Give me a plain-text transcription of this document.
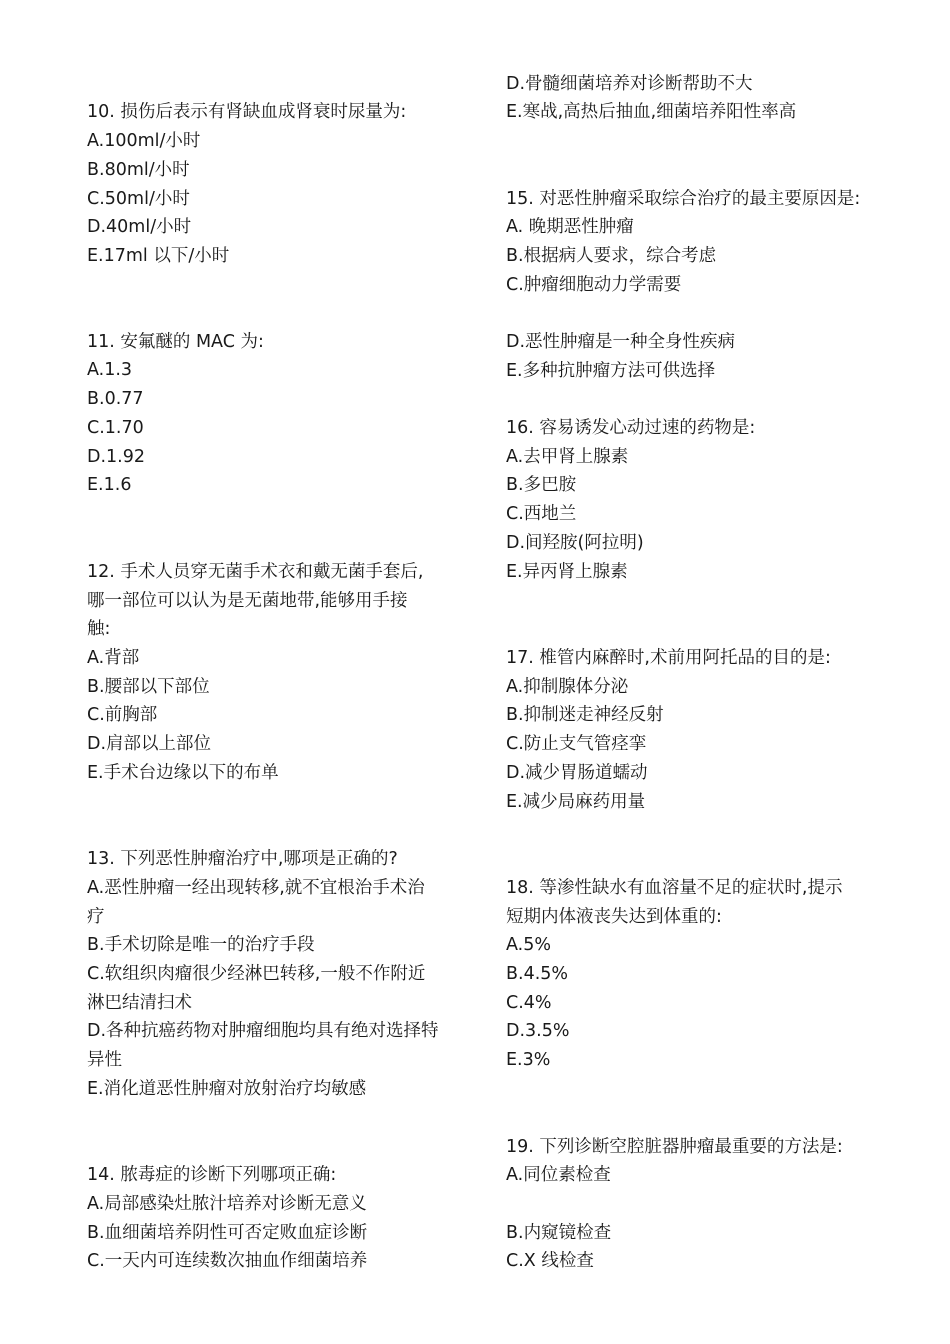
10. 损伤后表示有肾缺血成肾衰时尿量为:
A.100ml/小时
B.80ml/小时
C.50ml/小时
D.40ml/小时
E.17ml 以下/小时
11. 安氟醚的 MAC 为:
A.1.3
B.0.77
C.1.70
D.1.92
E.1.6
12. 手术人员穿无菌手术衣和戴无菌手套后,
哪一部位可以认为是无菌地带,能够用手接
触:
A.背部
B.腰部以下部位
C.前胸部
D.肩部以上部位
E.手术台边缘以下的布单
13. 下列恶性肿瘤治疗中,哪项是正确的?
A.恶性肿瘤一经出现转移,就不宜根治手术治
疗
B.手术切除是唯一的治疗手段
C.软组织肉瘤很少经淋巴转移,一般不作附近
淋巴结清扫术
D.各种抗癌药物对肿瘤细胞均具有绝对选择特
异性
E.消化道恶性肿瘤对放射治疗均敏感
14. 脓毒症的诊断下列哪项正确:
A.局部感染灶脓汁培养对诊断无意义
B.血细菌培养阴性可否定败血症诊断
C.一天内可连续数次抽血作细菌培养
D.骨髓细菌培养对诊断帮助不大
E.寒战,高热后抽血,细菌培养阳性率高
15. 对恶性肿瘤采取综合治疗的最主要原因是:
A. 晚期恶性肿瘤
B.根据病人要求，综合考虑
C.肿瘤细胞动力学需要
D.恶性肿瘤是一种全身性疾病
E.多种抗肿瘤方法可供选择
16. 容易诱发心动过速的药物是:
A.去甲肾上腺素
B.多巴胺
C.西地兰
D.间羟胺(阿拉明)
E.异丙肾上腺素
17. 椎管内麻醉时,术前用阿托品的目的是:
A.抑制腺体分泌
B.抑制迷走神经反射
C.防止支气管痉挛
D.减少胃肠道蠕动
E.减少局麻药用量
18. 等渗性缺水有血溶量不足的症状时,提示
短期内体液丧失达到体重的:
A.5%
B.4.5%
C.4%
D.3.5%
E.3%
19. 下列诊断空腔脏器肿瘤最重要的方法是:
A.同位素检查
B.内窥镜检查
C.X 线检查
